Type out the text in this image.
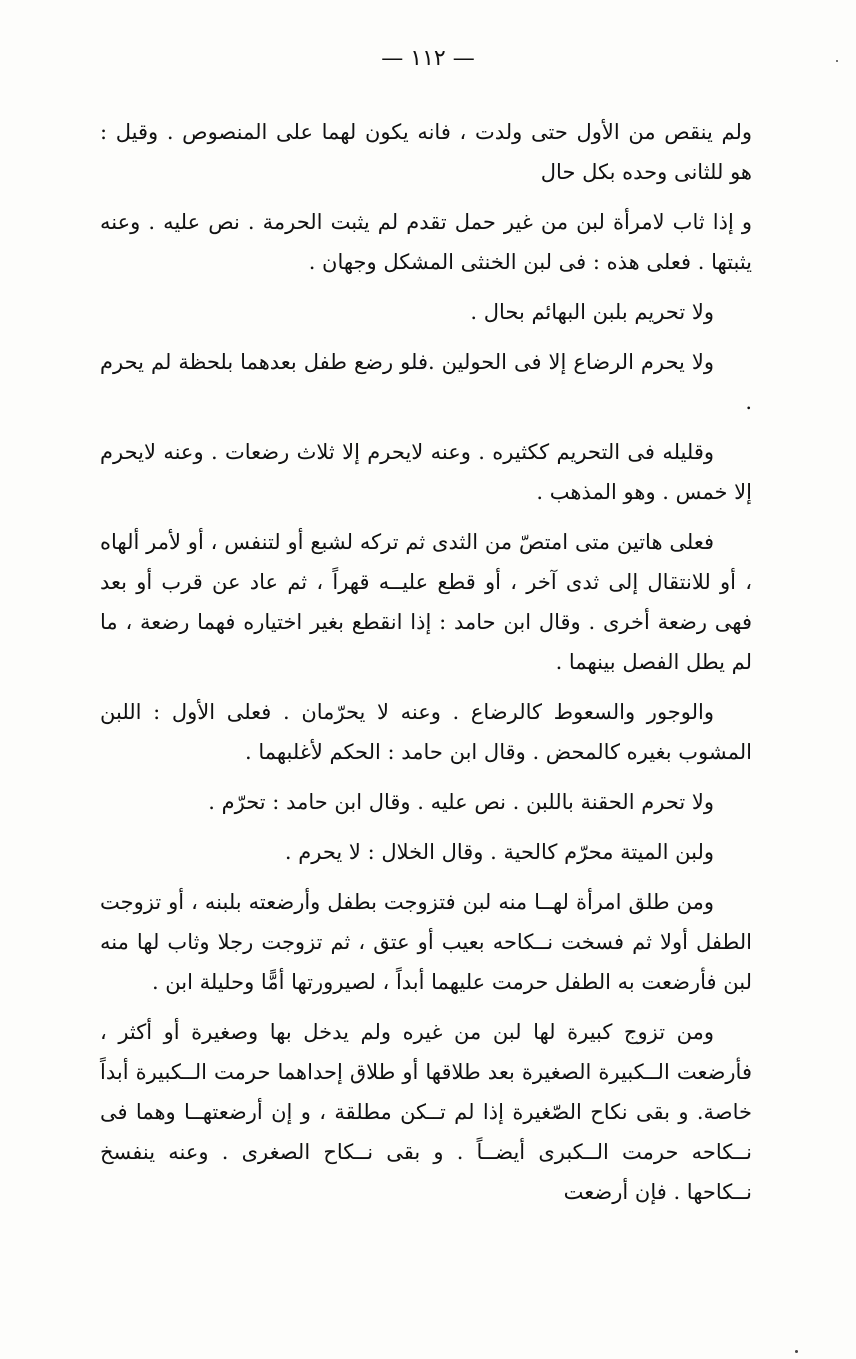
— ١١٢ —

ولم ينقص من الأول حتى ولدت ، فانه يكون لهما على المنصوص . وقيل : هو للثانى وحده بكل حال

و إذا ثاب لامرأة لبن من غير حمل تقدم لم يثبت الحرمة . نص عليه . وعنه يثبتها . فعلى هذه : فى لبن الخنثى المشكل وجهان .

ولا تحريم بلبن البهائم بحال .

ولا يحرم الرضاع إلا فى الحولين .فلو رضع طفل بعدهما بلحظة لم يحرم .

وقليله فى التحريم ككثيره . وعنه لايحرم إلا ثلاث رضعات . وعنه لايحرم إلا خمس . وهو المذهب .

فعلى هاتين متى امتصّ من الثدى ثم تركه لشبع أو لتنفس ، أو لأمر ألهاه ، أو للانتقال إلى ثدى آخر ، أو قطع عليــه قهراً ، ثم عاد عن قرب أو بعد فهى رضعة أخرى . وقال ابن حامد : إذا انقطع بغير اختياره فهما رضعة ، ما لم يطل الفصل بينهما .

والوجور والسعوط كالرضاع . وعنه لا يحرّمان . فعلى الأول : اللبن المشوب بغيره كالمحض . وقال ابن حامد : الحكم لأغلبهما .

ولا تحرم الحقنة باللبن . نص عليه . وقال ابن حامد : تحرّم .

ولبن الميتة محرّم كالحية . وقال الخلال : لا يحرم .

ومن طلق امرأة لهــا منه لبن فتزوجت بطفل وأرضعته بلبنه ، أو تزوجت الطفل أولا ثم فسخت نــكاحه بعيب أو عتق ، ثم تزوجت رجلا وثاب لها منه لبن فأرضعت به الطفل حرمت عليهما أبداً ، لصيرورتها أمًّا وحليلة ابن .

ومن تزوج كبيرة لها لبن من غيره ولم يدخل بها وصغيرة أو أكثر ، فأرضعت الــكبيرة الصغيرة بعد طلاقها أو طلاق إحداهما حرمت الــكبيرة أبداً خاصة. و بقى نكاح الصّغيرة إذا لم تــكن مطلقة ، و إن أرضعتهــا وهما فى نــكاحه حرمت الــكبرى أيضــاً . و بقى نــكاح الصغرى . وعنه ينفسخ نــكاحها . فإن أرضعت
